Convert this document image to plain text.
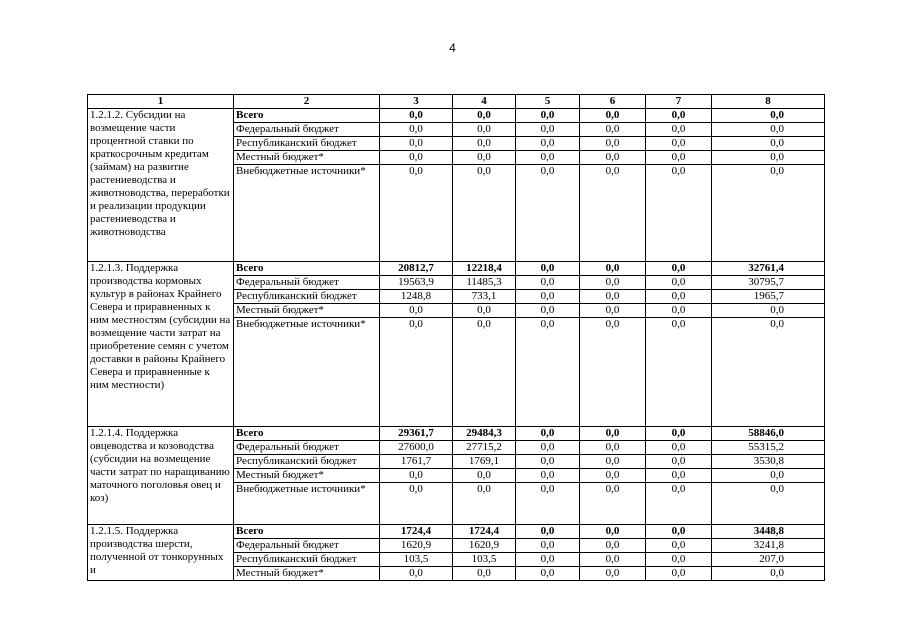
4
1	2	3	4	5	6	7	8
1.2.1.2. Субсидии на возмещение части процентной ставки по краткосрочным кредитам (займам) на развитие растениеводства и животноводства, переработки и реализации продукции растениеводства и животноводства	Всего	0,0	0,0	0,0	0,0	0,0	0,0
	Федеральный бюджет	0,0	0,0	0,0	0,0	0,0	0,0
	Республиканский бюджет	0,0	0,0	0,0	0,0	0,0	0,0
	Местный бюджет*	0,0	0,0	0,0	0,0	0,0	0,0
	Внебюджетные источники*	0,0	0,0	0,0	0,0	0,0	0,0
1.2.1.3. Поддержка производства кормовых культур в районах Крайнего Севера и приравненных к ним местностям (субсидии на возмещение части затрат на приобретение семян с учетом доставки в районы Крайнего Севера и приравненные к ним местности)	Всего	20812,7	12218,4	0,0	0,0	0,0	32761,4
	Федеральный бюджет	19563,9	11485,3	0,0	0,0	0,0	30795,7
	Республиканский бюджет	1248,8	733,1	0,0	0,0	0,0	1965,7
	Местный бюджет*	0,0	0,0	0,0	0,0	0,0	0,0
	Внебюджетные источники*	0,0	0,0	0,0	0,0	0,0	0,0
1.2.1.4. Поддержка овцеводства и козоводства (субсидии на возмещение части затрат по наращиванию маточного поголовья овец и коз)	Всего	29361,7	29484,3	0,0	0,0	0,0	58846,0
	Федеральный бюджет	27600,0	27715,2	0,0	0,0	0,0	55315,2
	Республиканский бюджет	1761,7	1769,1	0,0	0,0	0,0	3530,8
	Местный бюджет*	0,0	0,0	0,0	0,0	0,0	0,0
	Внебюджетные источники*	0,0	0,0	0,0	0,0	0,0	0,0
1.2.1.5. Поддержка производства шерсти, полученной от тонкорунных и	Всего	1724,4	1724,4	0,0	0,0	0,0	3448,8
	Федеральный бюджет	1620,9	1620,9	0,0	0,0	0,0	3241,8
	Республиканский бюджет	103,5	103,5	0,0	0,0	0,0	207,0
	Местный бюджет*	0,0	0,0	0,0	0,0	0,0	0,0
